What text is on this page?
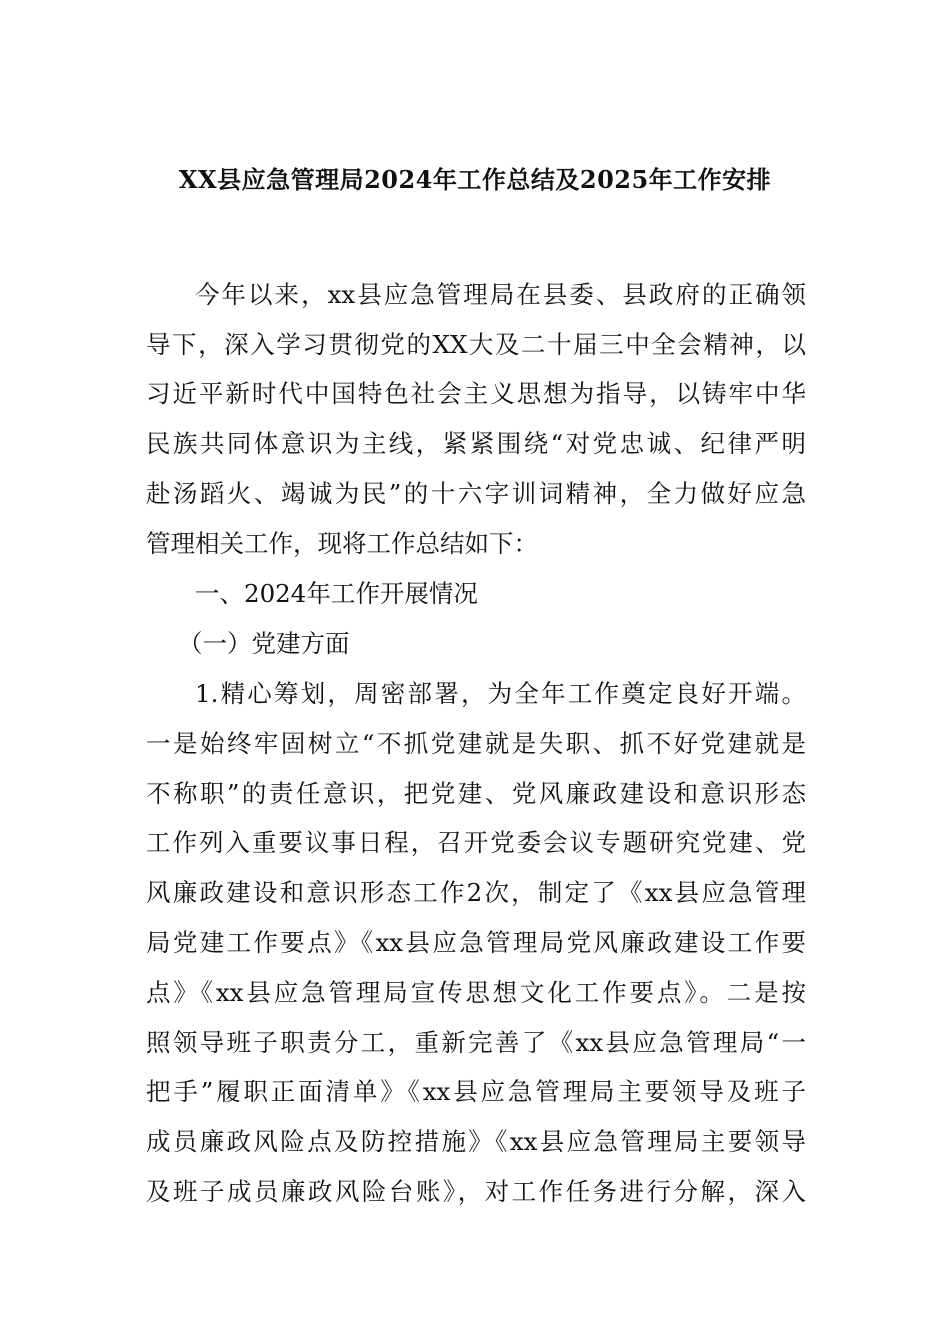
XX县应急管理局2024年工作总结及2025年工作安排
今年以来，xx县应急管理局在县委、县政府的正确领
导下，深入学习贯彻党的XX大及二十届三中全会精神，以
习近平新时代中国特色社会主义思想为指导，以铸牢中华
民族共同体意识为主线，紧紧围绕“对党忠诚、纪律严明
赴汤蹈火、竭诚为民”的十六字训词精神，全力做好应急
管理相关工作，现将工作总结如下：
一、2024年工作开展情况
（一）党建方面
1.精心筹划，周密部署，为全年工作奠定良好开端。
一是始终牢固树立“不抓党建就是失职、抓不好党建就是
不称职”的责任意识，把党建、党风廉政建设和意识形态
工作列入重要议事日程，召开党委会议专题研究党建、党
风廉政建设和意识形态工作2次，制定了《xx县应急管理
局党建工作要点》《xx县应急管理局党风廉政建设工作要
点》《xx县应急管理局宣传思想文化工作要点》。二是按
照领导班子职责分工，重新完善了《xx县应急管理局“一
把手”履职正面清单》《xx县应急管理局主要领导及班子
成员廉政风险点及防控措施》《xx县应急管理局主要领导
及班子成员廉政风险台账》，对工作任务进行分解，深入
